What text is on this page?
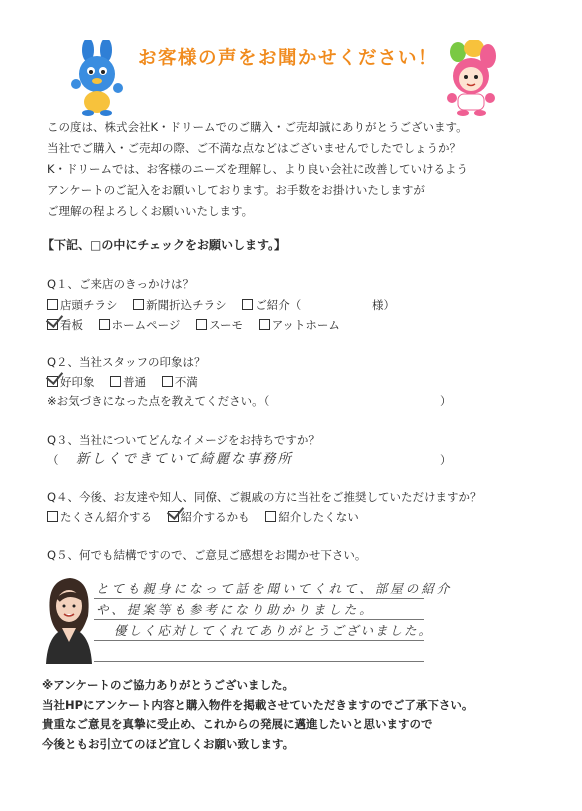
お客様の声をお聞かせください！
この度は、株式会社K・ドリームでのご購入・ご売却誠にありがとうございます。
当社でご購入・ご売却の際、ご不満な点などはございませんでしたでしょうか？
K・ドリームでは、お客様のニーズを理解し、より良い会社に改善していけるよう
アンケートのご記入をお願いしております。お手数をお掛けいたしますが
ご理解の程よろしくお願いいたします。
【下記、□の中にチェックをお願いします。】
Q１、ご来店のきっかけは？
店頭チラシ 新聞折込チラシ ご紹介（	様）
看板 ホームページ スーモ アットホーム
Q２、当社スタッフの印象は？
好印象 普通 不満
※お気づきになった点を教えてください。（	）
Q３、当社についてどんなイメージをお持ちですか？
（ 新しくできていて綺麗な事務所	）
Q４、今後、お友達や知人、同僚、ご親戚の方に当社をご推奨していただけますか？
たくさん紹介する 紹介するかも 紹介したくない
Q５、何でも結構ですので、ご意見ご感想をお聞かせ下さい。
とても親身になって話を聞いてくれて、部屋の紹介
や、提案等も参考になり助かりました。
優しく応対してくれてありがとうございました。
※アンケートのご協力ありがとうございました。
当社HPにアンケート内容と購入物件を掲載させていただきますのでご了承下さい。
貴重なご意見を真摯に受止め、これからの発展に邁進したいと思いますので
今後ともお引立てのほど宜しくお願い致します。
